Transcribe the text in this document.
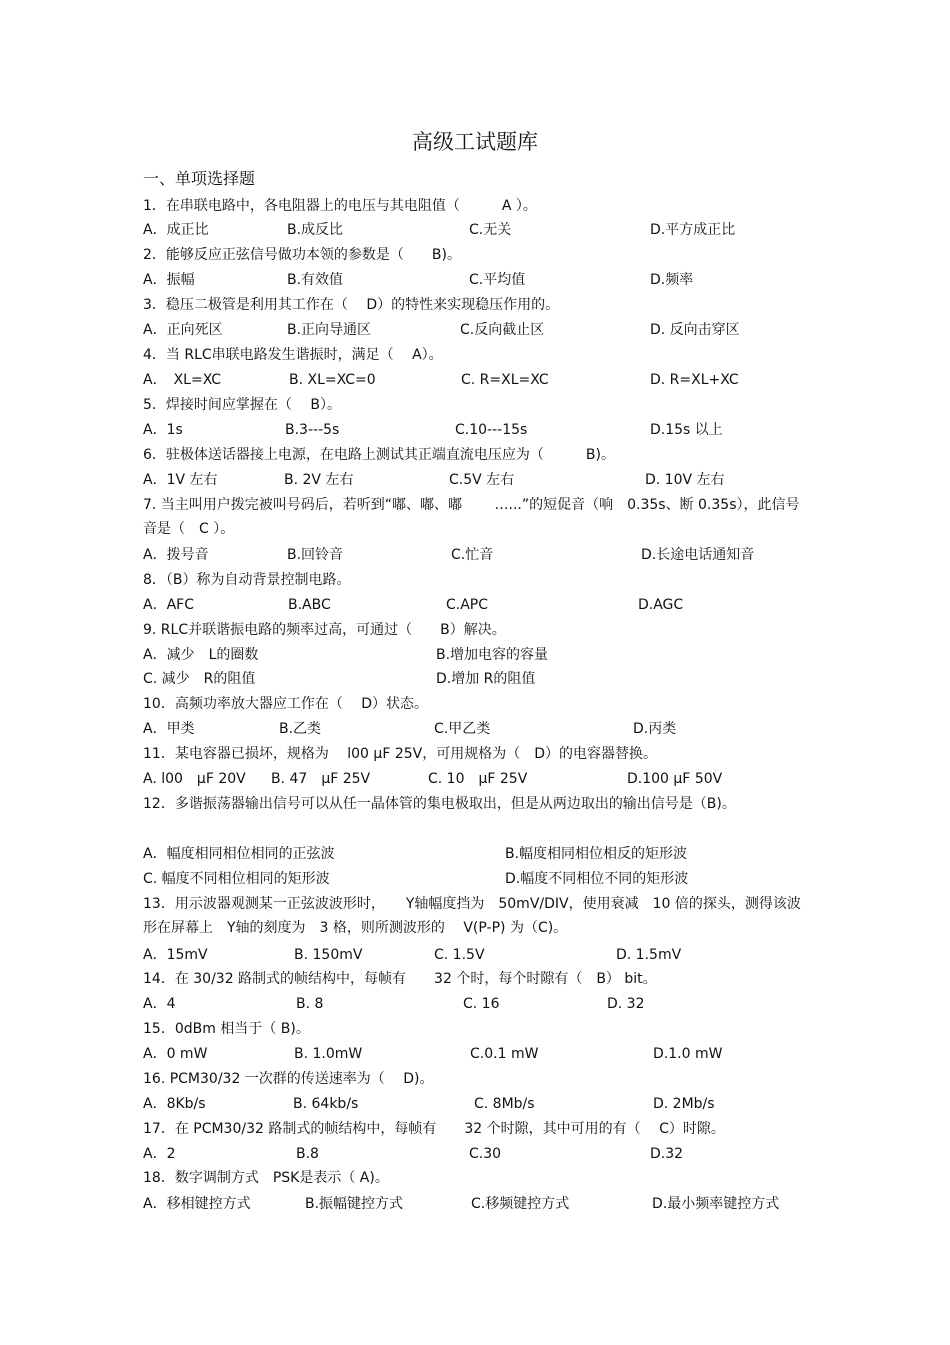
高级工试题库
一、单项选择题
1．在串联电路中，各电阻器上的电压与其电阻值（　　　A ）。
A．成正比	B.成反比	C.无关	D.平方成正比
2．能够反应正弦信号做功本领的参数是（　　B)。
A．振幅	B.有效值	C.平均值	D.频率
3．稳压二极管是利用其工作在（　 D）的特性来实现稳压作用的。
A．正向死区	B.正向导通区	C.反向截止区	D. 反向击穿区
4．当 RLC串联电路发生谐振时，满足（　 A）。
A．　XL=XC	B. XL=XC=0	C. R=XL=XC	D. R=XL+XC
5．焊接时间应掌握在（　 B）。
A．1s	B.3---5s	C.10---15s	D.15s 以上
6．驻极体送话器接上电源，在电路上测试其正端直流电压应为（　　　B)。
A．1V 左右	B. 2V 左右	C.5V 左右	D. 10V 左右
7. 当主叫用户拨完被叫号码后，若听到“嘟、嘟、嘟　　 …...”的短促音（响　0.35s、断 0.35s），此信号音是（　C ）。
A．拨号音	B.回铃音	C.忙音	D.长途电话通知音
8．（B）称为自动背景控制电路。
A．AFC	B.ABC	C.APC	D.AGC
9. RLC并联谐振电路的频率过高，可通过（　　B）解决。
A．减少　L的圈数	B.增加电容的容量
C. 减少　R的阻值	D.增加 R的阻值
10．高频功率放大器应工作在（　 D）状态。
A．甲类	B.乙类	C.甲乙类	D.丙类
11．某电容器已损坏，规格为　 l00 μF 25V，可用规格为（　D）的电容器替换。
A. l00　μF 20V B. 47　μF 25V	C. 10　μF 25V	D.100 μF 50V
12．多谐振荡器输出信号可以从任一晶体管的集电极取出，但是从两边取出的输出信号是（B)。
A．幅度相同相位相同的正弦波	B.幅度相同相位相反的矩形波
C. 幅度不同相位相同的矩形波	D.幅度不同相位不同的矩形波
13．用示波器观测某一正弦波波形时，　　Y轴幅度挡为　50mV/DIV，使用衰减　10 倍的探头，测得该波形在屏幕上　Y轴的刻度为　3 格，则所测波形的　 V(P-P) 为（C)。
A．15mV	B. 150mV	C. 1.5V	D. 1.5mV
14．在 30/32 路制式的帧结构中，每帧有　　32 个时，每个时隙有（　B） bit。
A．4	B. 8	C. 16	D. 32
15．0dBm 相当于（ B)。
A．0 mW	B. 1.0mW	C.0.1 mW	D.1.0 mW
16. PCM30/32 一次群的传送速率为（　 D)。
A．8Kb/s	B. 64kb/s	C. 8Mb/s	D. 2Mb/s
17．在 PCM30/32 路制式的帧结构中，每帧有　　32 个时隙，其中可用的有（　 C）时隙。
A．2	B.8	C.30	D.32
18．数字调制方式　PSK是表示（ A)。
A．移相键控方式	B.振幅键控方式	C.移频键控方式	D.最小频率键控方式
